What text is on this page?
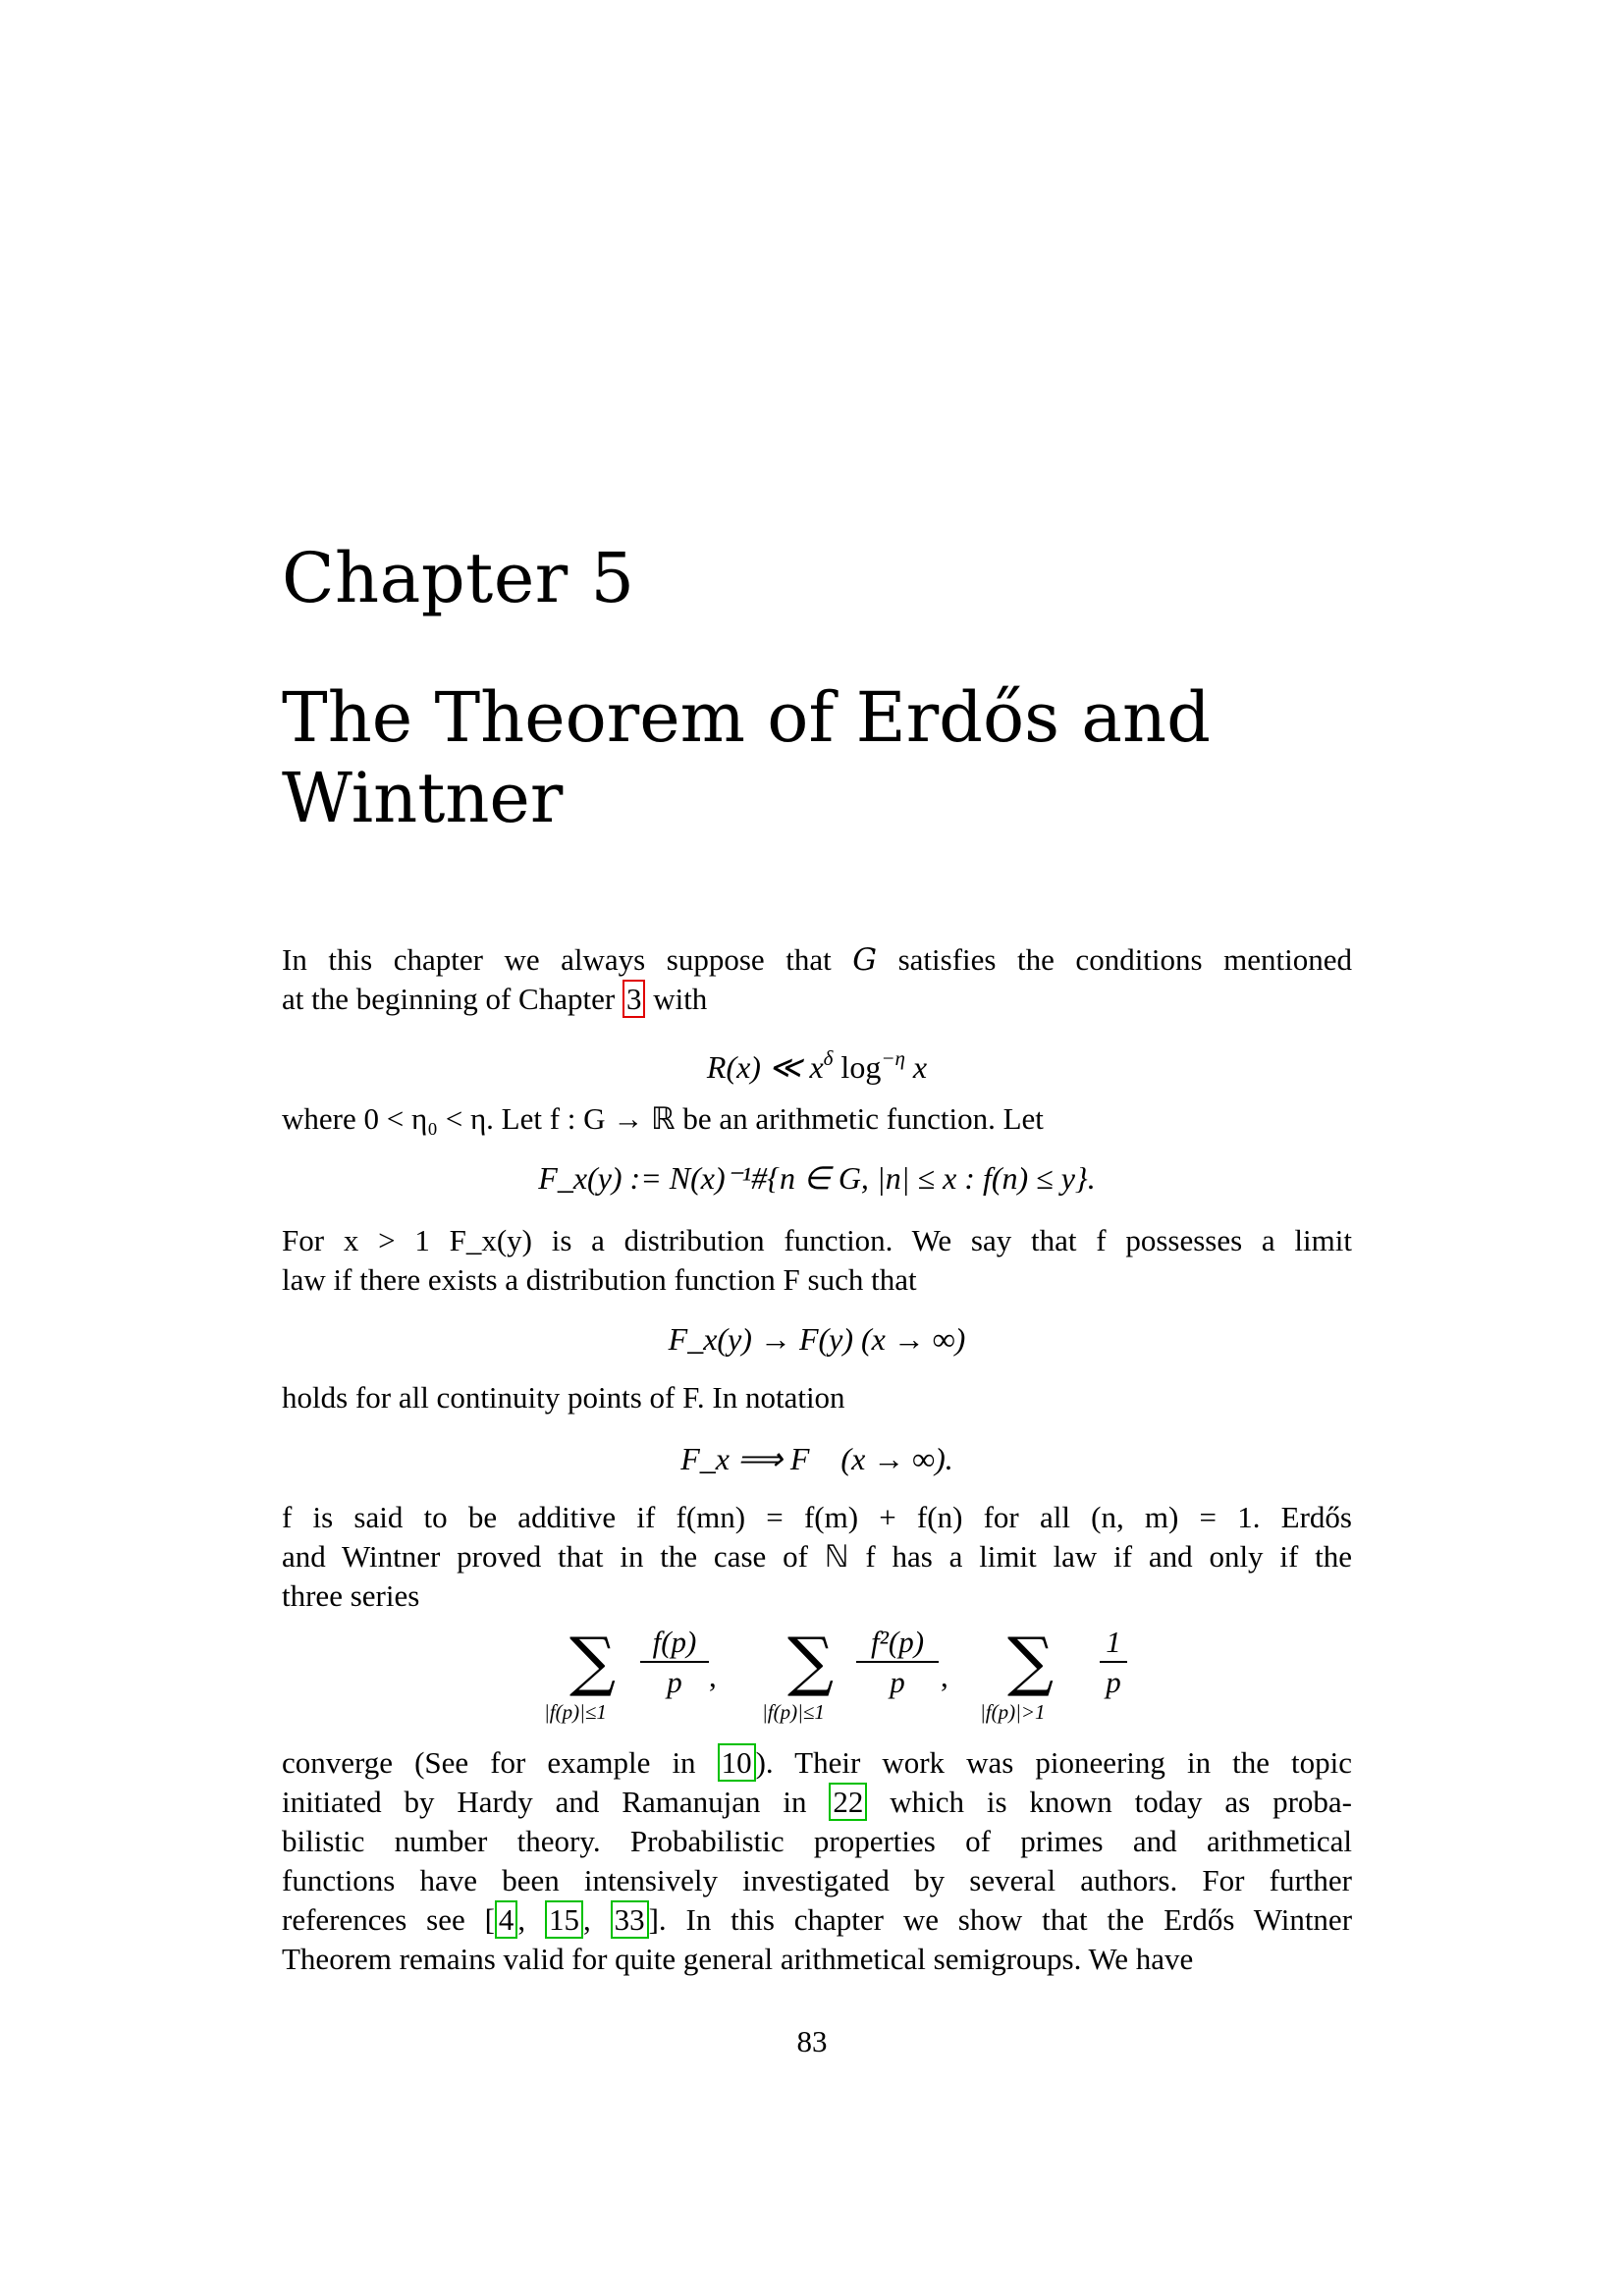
Chapter 5
The Theorem of Erdős and
Wintner
In this chapter we always suppose that G satisfies the conditions mentioned
at the beginning of Chapter 3 with
R(x) ≪ $x^\delta$ $\log^{-\eta} x$
where 0 < η₀ < η. Let f : G → ℝ be an arithmetic function. Let
F_x(y) := N(x)⁻¹#{n ∈ G, |n| ≤ x : f(n) ≤ y}.
For x > 1 F_x(y) is a distribution function. We say that f possesses a limit
law if there exists a distribution function F such that
F_x(y) → F(y) (x → ∞)
holds for all continuity points of F. In notation
F_x ⟹ F    (x → ∞).
f is said to be additive if f(mn) = f(m) + f(n) for all (n, m) = 1. Erdős
and Wintner proved that in the case of ℕ f has a limit law if and only if the
three series
∑
|f(p)|≤1
f(p)
p , ∑
|f(p)|≤1
f²(p)
p	, ∑
|f(p)|>1
1
p
converge (See for example in 10 ). Their work was pioneering in the topic
initiated by Hardy and Ramanujan in 22 which is known today as proba-
bilistic number theory. Probabilistic properties of primes and arithmetical
functions have been intensively investigated by several authors. For further
references see [ 4 , 15 , 33 ]. In this chapter we show that the Erdős Wintner
Theorem remains valid for quite general arithmetical semigroups. We have
83
